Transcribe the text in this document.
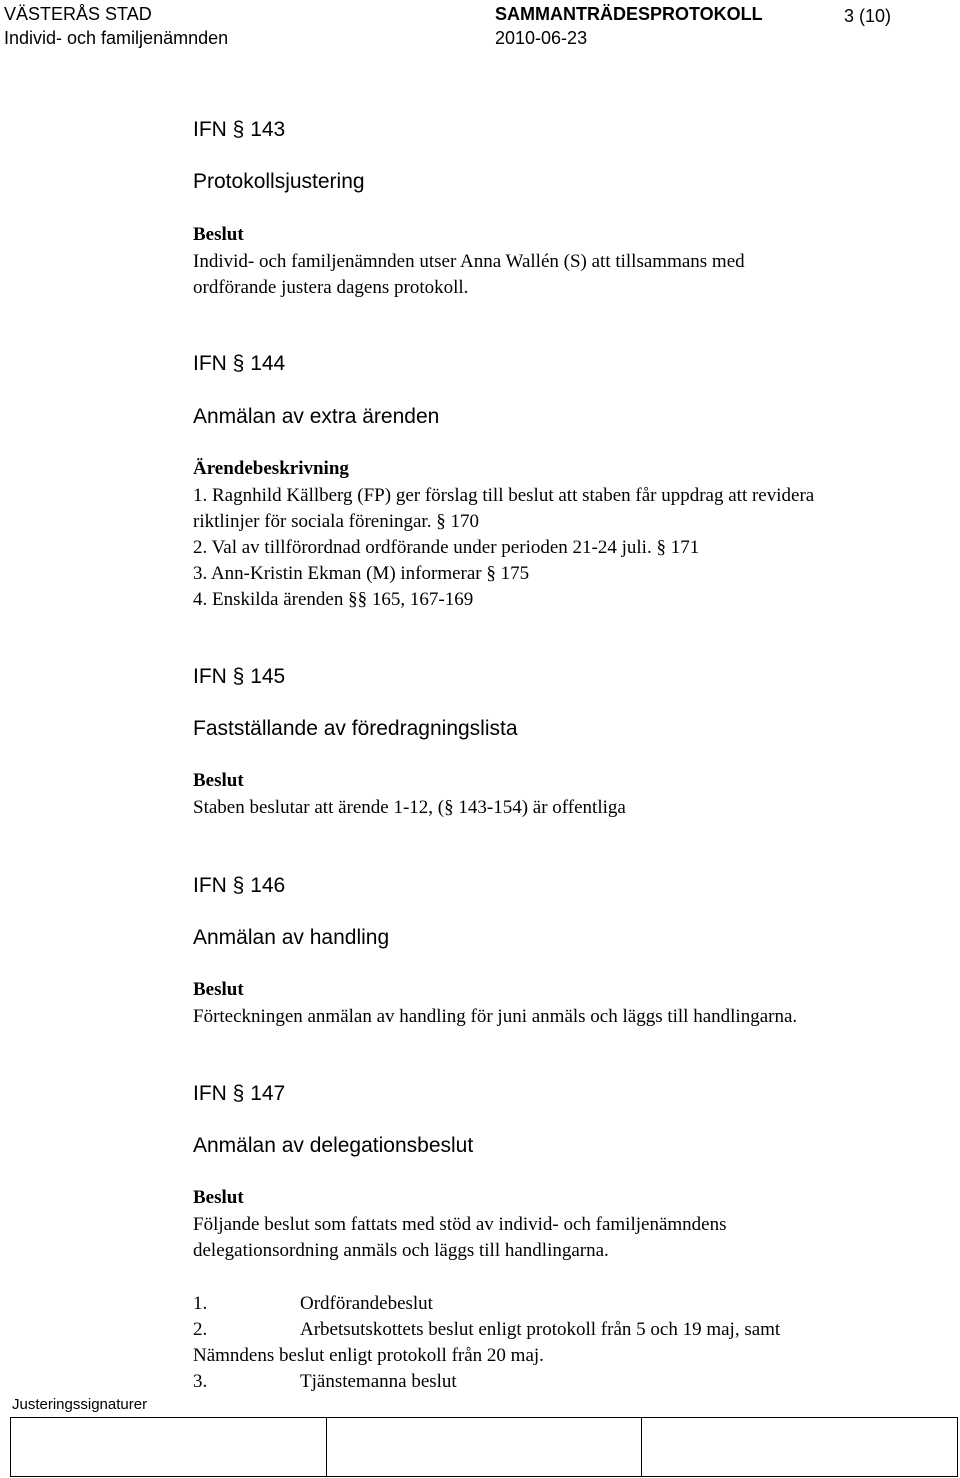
VÄSTERÅS STAD
Individ- och familjenämnden
SAMMANTRÄDESPROTOKOLL
2010-06-23
3 (10)
IFN § 143
Protokollsjustering
Beslut
Individ- och familjenämnden utser Anna Wallén (S) att tillsammans med
ordförande justera dagens protokoll.
IFN § 144
Anmälan av extra ärenden
Ärendebeskrivning
1. Ragnhild Källberg (FP) ger förslag till beslut att staben får uppdrag att revidera
riktlinjer för sociala föreningar. § 170
2. Val av tillförordnad ordförande under perioden 21-24 juli. § 171
3. Ann-Kristin Ekman (M) informerar § 175
4. Enskilda ärenden §§ 165, 167-169
IFN § 145
Fastställande av föredragningslista
Beslut
Staben beslutar att ärende 1-12, (§ 143-154) är offentliga
IFN § 146
Anmälan av handling
Beslut
Förteckningen anmälan av handling för juni anmäls och läggs till handlingarna.
IFN § 147
Anmälan av delegationsbeslut
Beslut
Följande beslut som fattats med stöd av individ- och familjenämndens
delegationsordning anmäls och läggs till handlingarna.
1.	Ordförandebeslut
2.	Arbetsutskottets beslut enligt protokoll från 5 och 19 maj, samt
Nämndens beslut enligt protokoll från 20 maj.
3.	Tjänstemanna beslut
Justeringssignaturer
